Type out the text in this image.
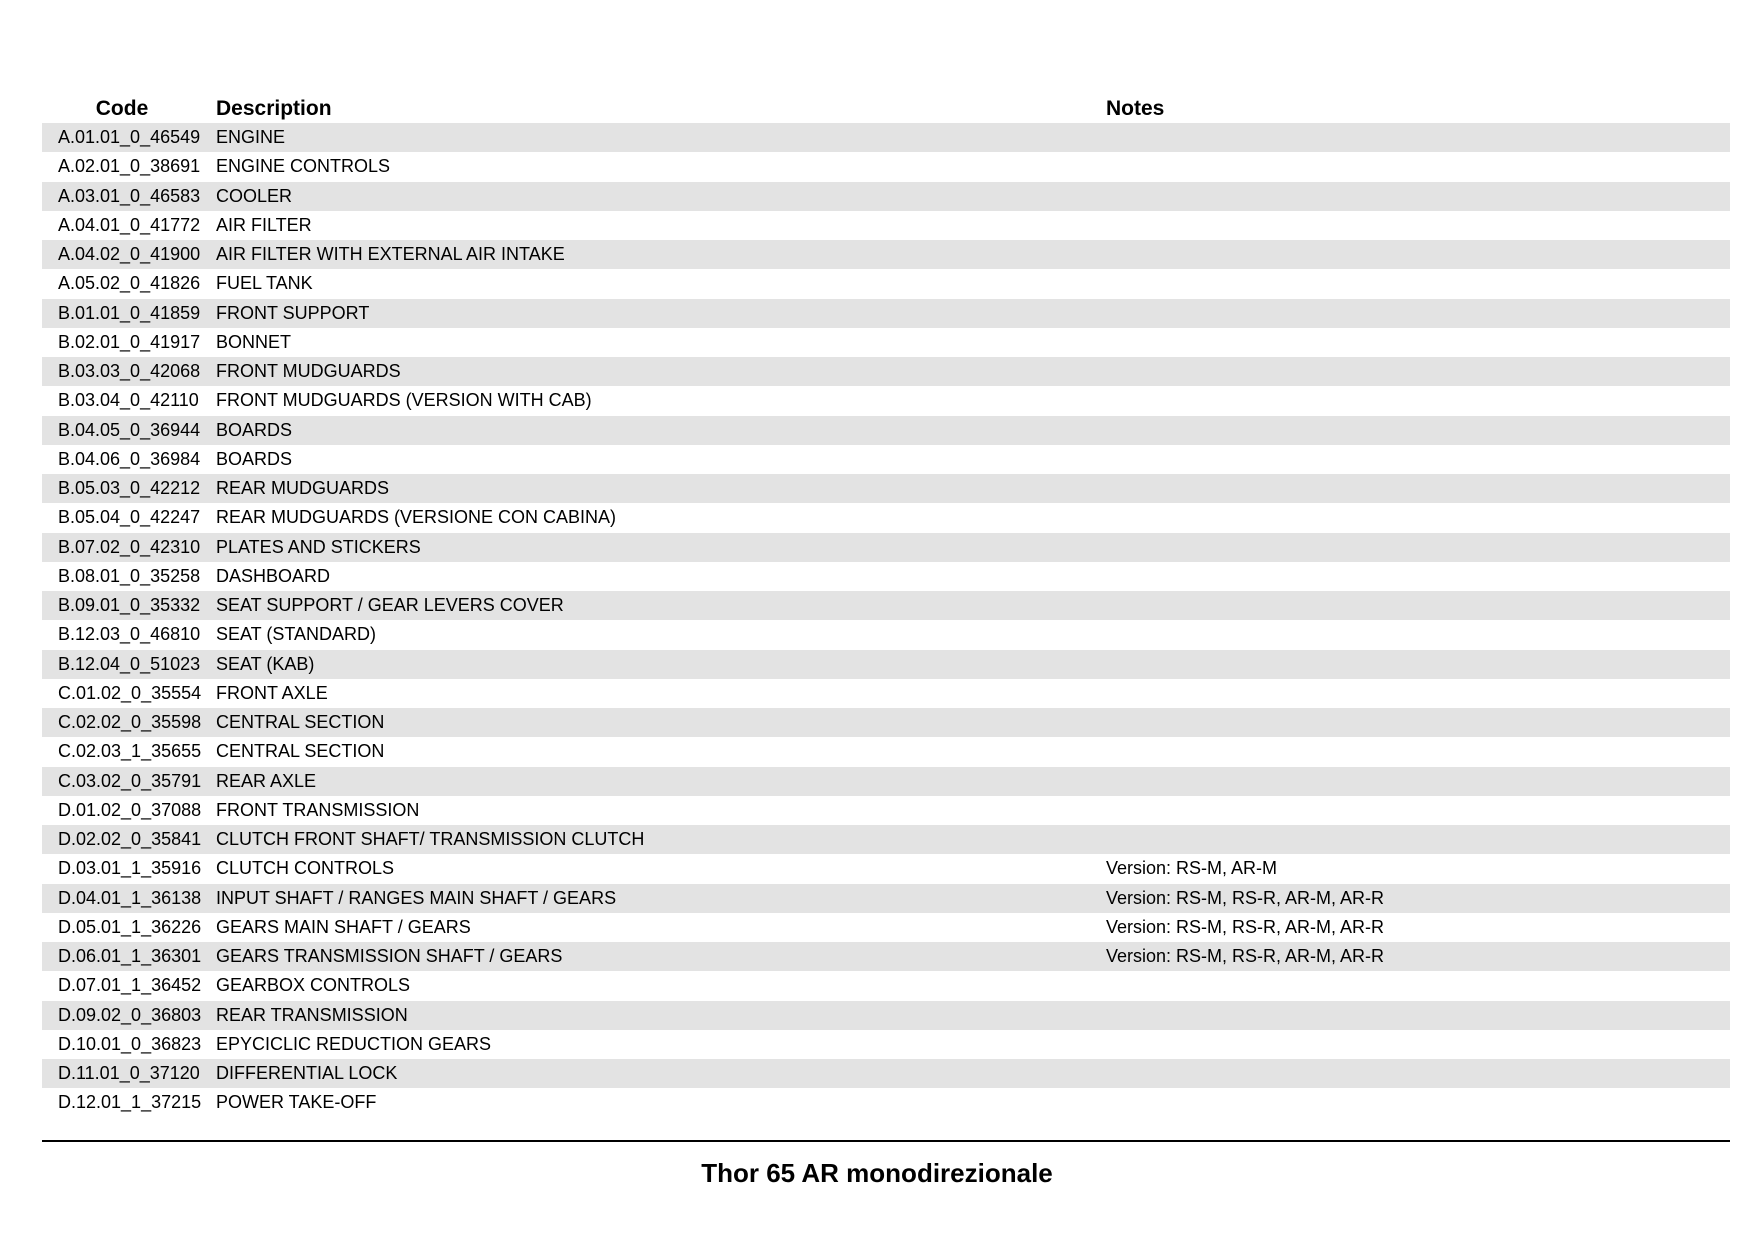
Code	Description	Notes
A.01.01_0_46549 ENGINE
A.02.01_0_38691 ENGINE CONTROLS
A.03.01_0_46583 COOLER
A.04.01_0_41772 AIR FILTER
A.04.02_0_41900 AIR FILTER WITH EXTERNAL AIR INTAKE
A.05.02_0_41826 FUEL TANK
B.01.01_0_41859 FRONT SUPPORT
B.02.01_0_41917 BONNET
B.03.03_0_42068 FRONT MUDGUARDS
B.03.04_0_42110 FRONT MUDGUARDS (VERSION WITH CAB)
B.04.05_0_36944 BOARDS
B.04.06_0_36984 BOARDS
B.05.03_0_42212 REAR MUDGUARDS
B.05.04_0_42247 REAR MUDGUARDS (VERSIONE CON CABINA)
B.07.02_0_42310 PLATES AND STICKERS
B.08.01_0_35258 DASHBOARD
B.09.01_0_35332 SEAT SUPPORT / GEAR LEVERS COVER
B.12.03_0_46810 SEAT (STANDARD)
B.12.04_0_51023 SEAT (KAB)
C.01.02_0_35554 FRONT AXLE
C.02.02_0_35598 CENTRAL SECTION
C.02.03_1_35655 CENTRAL SECTION
C.03.02_0_35791 REAR AXLE
D.01.02_0_37088 FRONT TRANSMISSION
D.02.02_0_35841 CLUTCH FRONT SHAFT/ TRANSMISSION CLUTCH
D.03.01_1_35916 CLUTCH CONTROLS	Version: RS-M, AR-M
D.04.01_1_36138 INPUT SHAFT / RANGES MAIN SHAFT / GEARS	Version: RS-M, RS-R, AR-M, AR-R
D.05.01_1_36226 GEARS MAIN SHAFT / GEARS	Version: RS-M, RS-R, AR-M, AR-R
D.06.01_1_36301 GEARS TRANSMISSION SHAFT / GEARS	Version: RS-M, RS-R, AR-M, AR-R
D.07.01_1_36452 GEARBOX CONTROLS
D.09.02_0_36803 REAR TRANSMISSION
D.10.01_0_36823 EPYCICLIC REDUCTION GEARS
D.11.01_0_37120 DIFFERENTIAL LOCK
D.12.01_1_37215 POWER TAKE-OFF
Thor 65 AR monodirezionale
